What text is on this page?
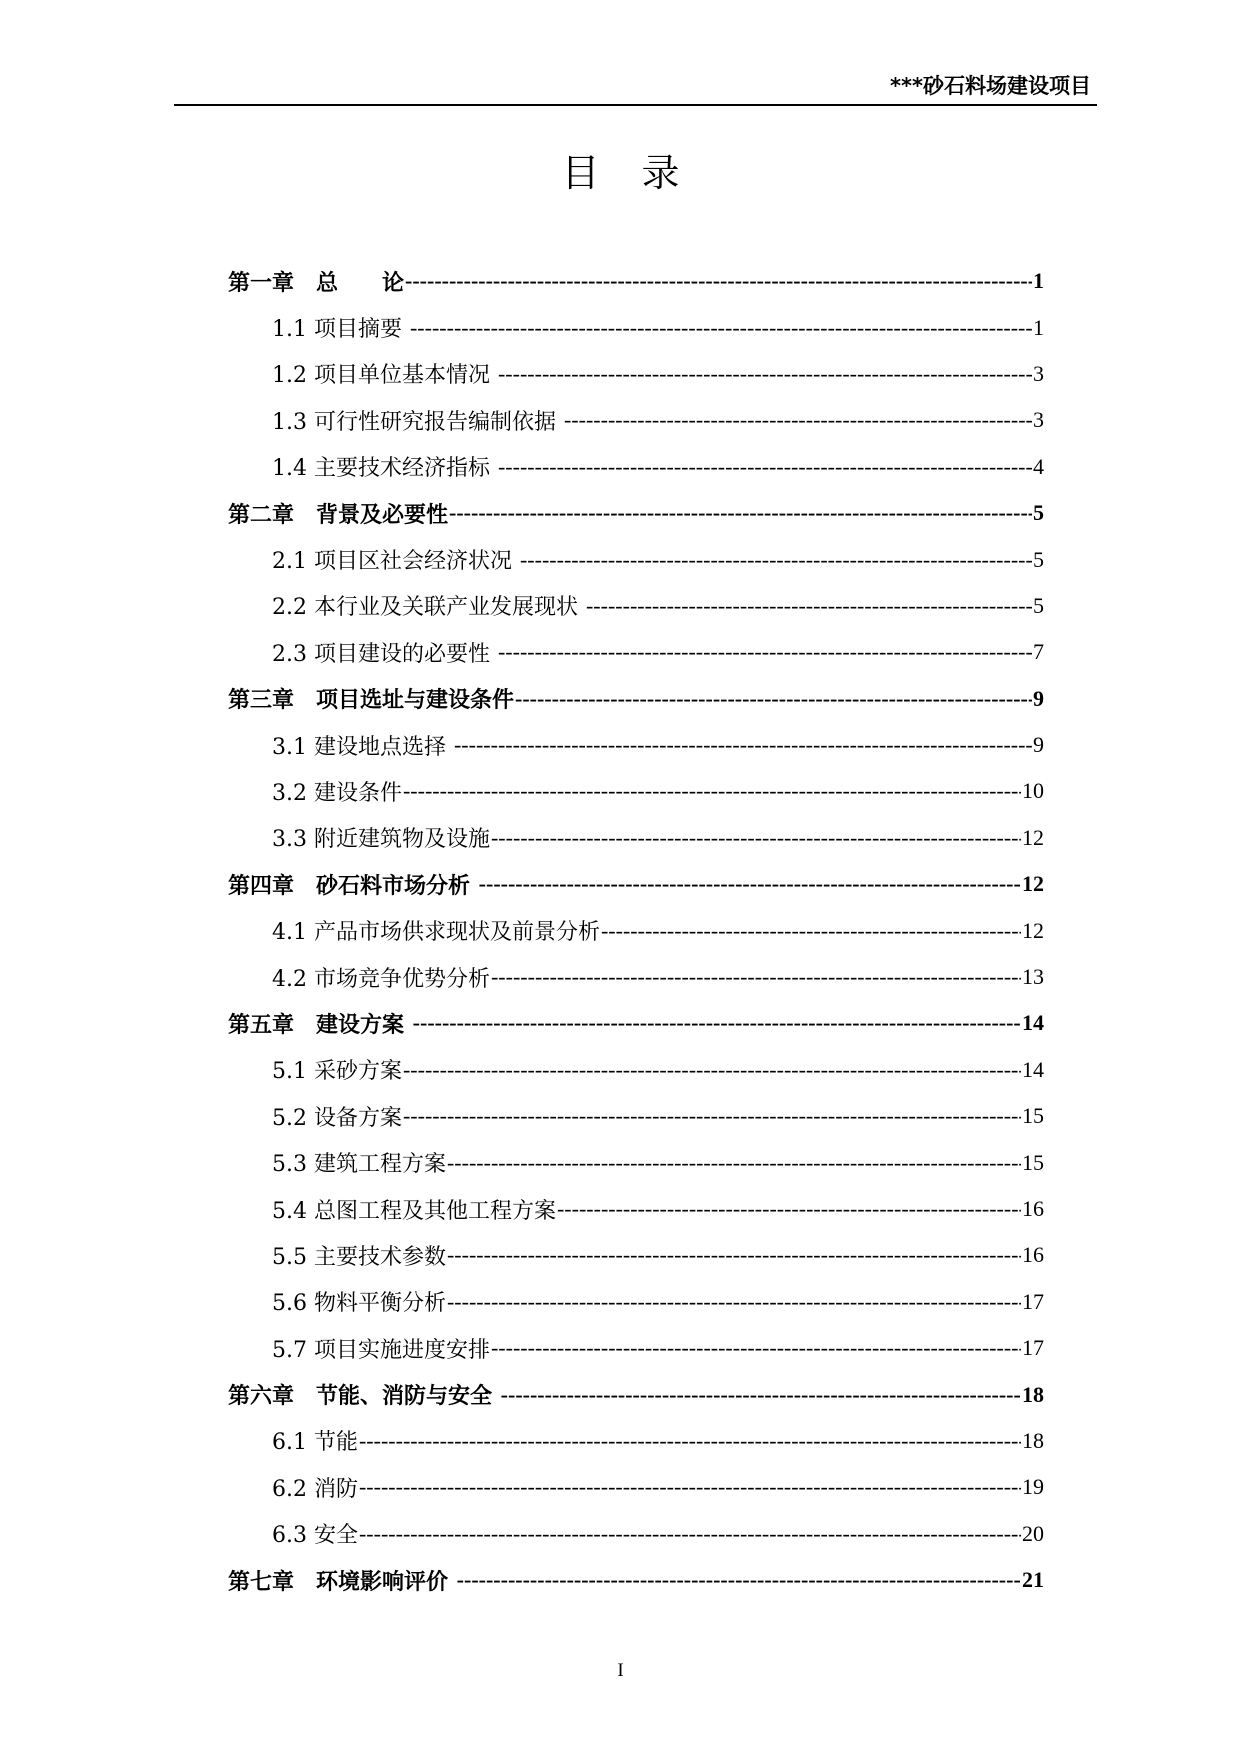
***砂石料场建设项目
目录
第一章　总　　论 -----	1
1.1 项目摘要 -----	1
1.2 项目单位基本情况 -----	3
1.3 可行性研究报告编制依据 -----	3
1.4 主要技术经济指标 -----	4
第二章　背景及必要性 -----	5
2.1 项目区社会经济状况 -----	5
2.2 本行业及关联产业发展现状 -----	5
2.3 项目建设的必要性 -----	7
第三章　项目选址与建设条件 -----	9
3.1 建设地点选择 -----	9
3.2 建设条件 -----	10
3.3 附近建筑物及设施 -----	12
第四章　砂石料市场分析 -----	12
4.1 产品市场供求现状及前景分析 -----	12
4.2 市场竞争优势分析 -----	13
第五章　建设方案 -----	14
5.1 采砂方案 -----	14
5.2 设备方案 -----	15
5.3 建筑工程方案 -----	15
5.4 总图工程及其他工程方案 -----	16
5.5 主要技术参数 -----	16
5.6 物料平衡分析 -----	17
5.7 项目实施进度安排 -----	17
第六章　节能、消防与安全 -----	18
6.1 节能 -----	18
6.2 消防 -----	19
6.3 安全 -----	20
第七章　环境影响评价 -----	21
I
